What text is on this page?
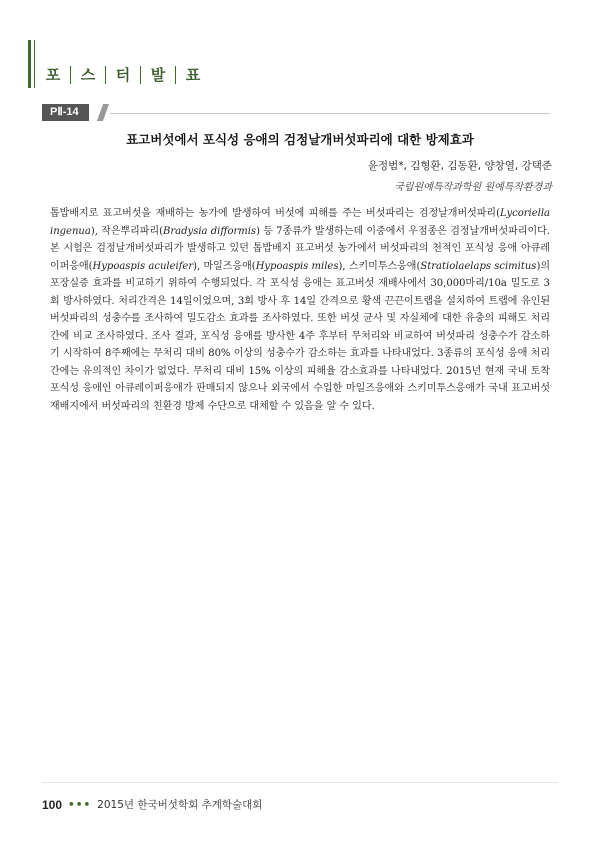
포 스 터 발 표
PⅡ-14
표고버섯에서 포식성 응애의 검정날개버섯파리에 대한 방제효과
윤정범*, 김형환, 김동환, 양창열, 강택준
국립원예특작과학원 원예특작환경과
톱밥배지로 표고버섯을 재배하는 농가에 발생하여 버섯에 피해를 주는 버섯파리는 검정날개버섯파리(Lycoriella ingenua), 작은뿌리파리(Bradysia difformis) 등 7종류가 발생하는데 이중에서 우점종은 검정날개버섯파리이다. 본 시험은 검정날개버섯파리가 발생하고 있던 톱밥배지 표고버섯 농가에서 버섯파리의 천적인 포식성 응애 아큐레이퍼응애(Hypoaspis aculeifer), 마일즈응애(Hypoaspis miles), 스키미투스응애(Stratiolaelaps scimitus)의 포장실증 효과를 비교하기 위하여 수행되었다. 각 포식성 응애는 표고버섯 재배사에서 30,000마리/10a 밀도로 3회 방사하였다. 처리간격은 14일이었으며, 3회 방사 후 14일 간격으로 황색 끈끈이트랩을 설치하여 트랩에 유인된 버섯파리의 성충수를 조사하여 밀도감소 효과를 조사하였다. 또한 버섯 균사 및 자실체에 대한 유충의 피해도 처리간에 비교 조사하였다. 조사 결과, 포식성 응애를 방사한 4주 후부터 무처리와 비교하여 버섯파리 성충수가 감소하기 시작하여 8주째에는 무처리 대비 80% 이상의 성충수가 감소하는 효과를 나타내었다. 3종류의 포식성 응애 처리간에는 유의적인 차이가 없었다. 무처리 대비 15% 이상의 피해율 감소효과를 나타내었다. 2015년 현재 국내 토착 포식성 응애인 아큐레이퍼응애가 판매되지 않으나 외국에서 수입한 마일즈응애와 스키미투스응애가 국내 표고버섯 재배지에서 버섯파리의 친환경 방제 수단으로 대체할 수 있음을 알 수 있다.
100 ••• 2015년 한국버섯학회 추계학술대회
